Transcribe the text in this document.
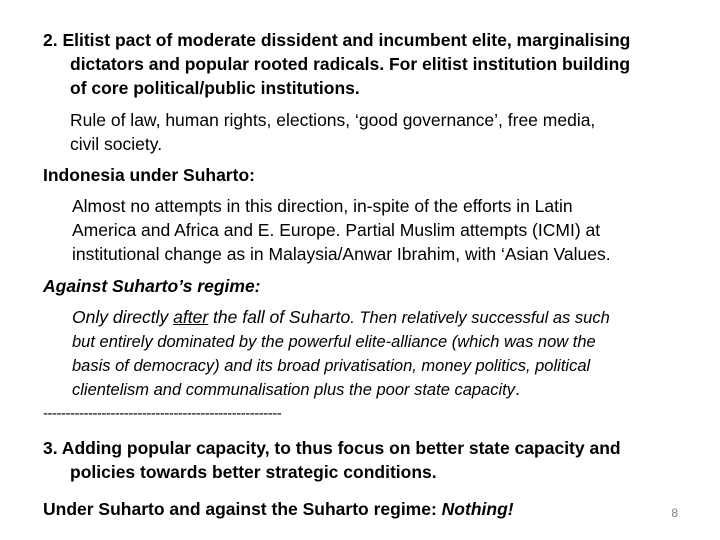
2. Elitist pact of moderate dissident and incumbent elite, marginalising
dictators and popular rooted radicals. For elitist institution building
of core political/public institutions.
Rule of law, human rights, elections, ‘good governance’, free media,
civil society.
Indonesia under Suharto:
Almost no attempts in this direction, in-spite of the efforts in Latin
America and Africa and E. Europe. Partial Muslim attempts (ICMI) at
institutional change as in Malaysia/Anwar Ibrahim, with ‘Asian Values.
Against Suharto’s regime:
Only directly after the fall of Suharto. Then relatively successful as such
but entirely dominated by the powerful elite-alliance (which was now the
basis of democracy) and its broad privatisation, money politics, political
clientelism and communalisation plus the poor state capacity.
-----------------------------------------------------
3. Adding popular capacity, to thus focus on better state capacity and
policies towards better strategic conditions.
Under Suharto and against the Suharto regime: Nothing!	8
